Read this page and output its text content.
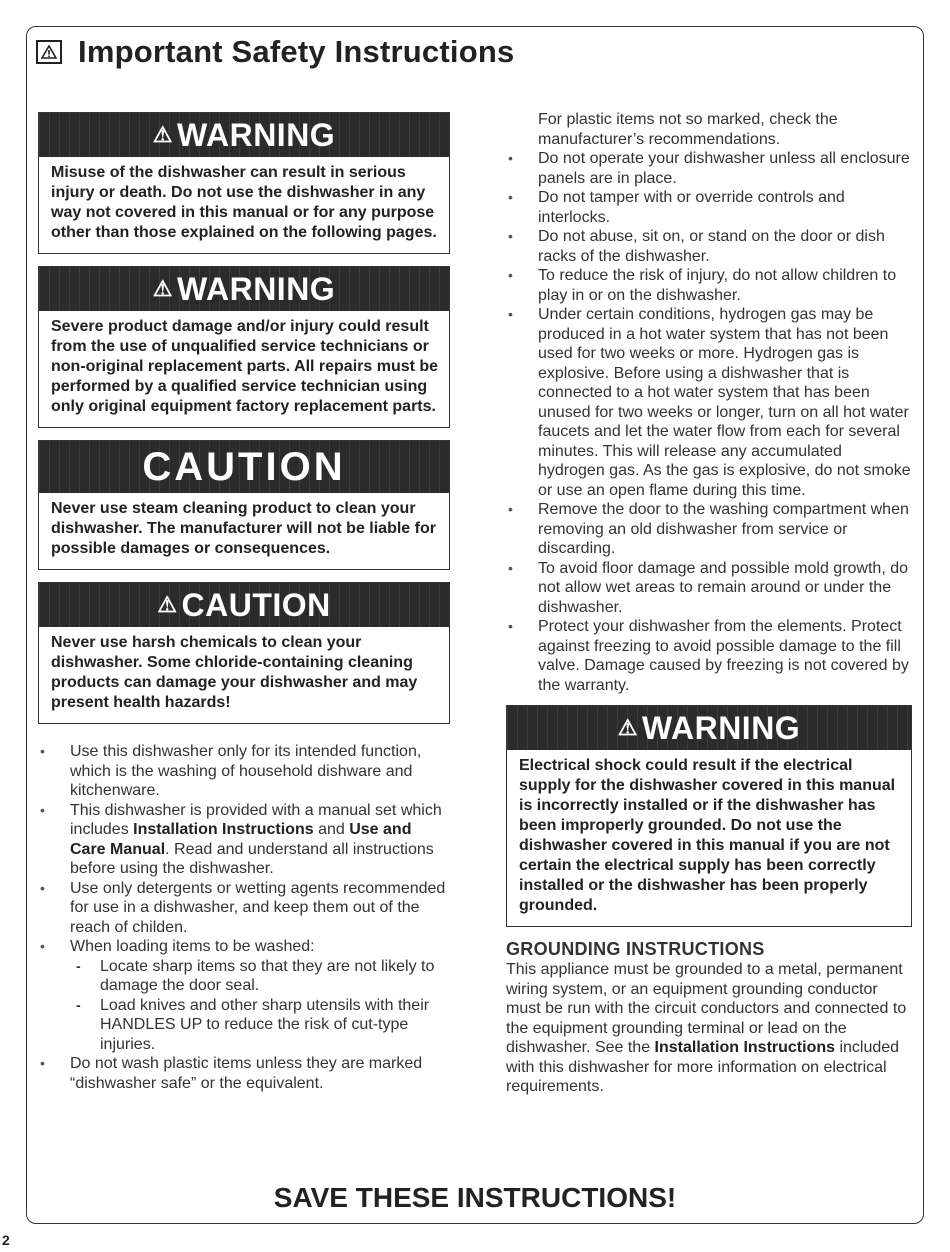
Important Safety Instructions
⚠ WARNING
Misuse of the dishwasher can result in serious injury or death. Do not use the dishwasher in any way not covered in this manual or for any purpose other than those explained on the following pages.
⚠ WARNING
Severe product damage and/or injury could result from the use of unqualified service technicians or non-original replacement parts. All repairs must be performed by a qualified service technician using only original equipment factory replacement parts.
CAUTION
Never use steam cleaning product to clean your dishwasher. The manufacturer will not be liable for possible damages or consequences.
⚠ CAUTION
Never use harsh chemicals to clean your dishwasher. Some chloride-containing cleaning products can damage your dishwasher and may present health hazards!
• Use this dishwasher only for its intended function, which is the washing of household dishware and kitchenware.
• This dishwasher is provided with a manual set which includes Installation Instructions and Use and Care Manual. Read and understand all instructions before using the dishwasher.
• Use only detergents or wetting agents recommended for use in a dishwasher, and keep them out of the reach of childen.
• When loading items to be washed:
- Locate sharp items so that they are not likely to damage the door seal.
- Load knives and other sharp utensils with their HANDLES UP to reduce the risk of cut-type injuries.
• Do not wash plastic items unless they are marked “dishwasher safe” or the equivalent.
For plastic items not so marked, check the manufacturer’s recommendations.
• Do not operate your dishwasher unless all enclosure panels are in place.
• Do not tamper with or override controls and interlocks.
• Do not abuse, sit on, or stand on the door or dish racks of the dishwasher.
• To reduce the risk of injury, do not allow children to play in or on the dishwasher.
• Under certain conditions, hydrogen gas may be produced in a hot water system that has not been used for two weeks or more. Hydrogen gas is explosive. Before using a dishwasher that is connected to a hot water system that has been unused for two weeks or longer, turn on all hot water faucets and let the water flow from each for several minutes. This will release any accumulated hydrogen gas. As the gas is explosive, do not smoke or use an open flame during this time.
• Remove the door to the washing compartment when removing an old dishwasher from service or discarding.
• To avoid floor damage and possible mold growth, do not allow wet areas to remain around or under the dishwasher.
• Protect your dishwasher from the elements. Protect against freezing to avoid possible damage to the fill valve. Damage caused by freezing is not covered by the warranty.
⚠ WARNING
Electrical shock could result if the electrical supply for the dishwasher covered in this manual is incorrectly installed or if the dishwasher has been improperly grounded. Do not use the dishwasher covered in this manual if you are not certain the electrical supply has been correctly installed or the dishwasher has been properly grounded.
GROUNDING INSTRUCTIONS
This appliance must be grounded to a metal, permanent wiring system, or an equipment grounding conductor must be run with the circuit conductors and connected to the equipment grounding terminal or lead on the dishwasher. See the Installation Instructions included with this dishwasher for more information on electrical requirements.
SAVE THESE INSTRUCTIONS!
2
